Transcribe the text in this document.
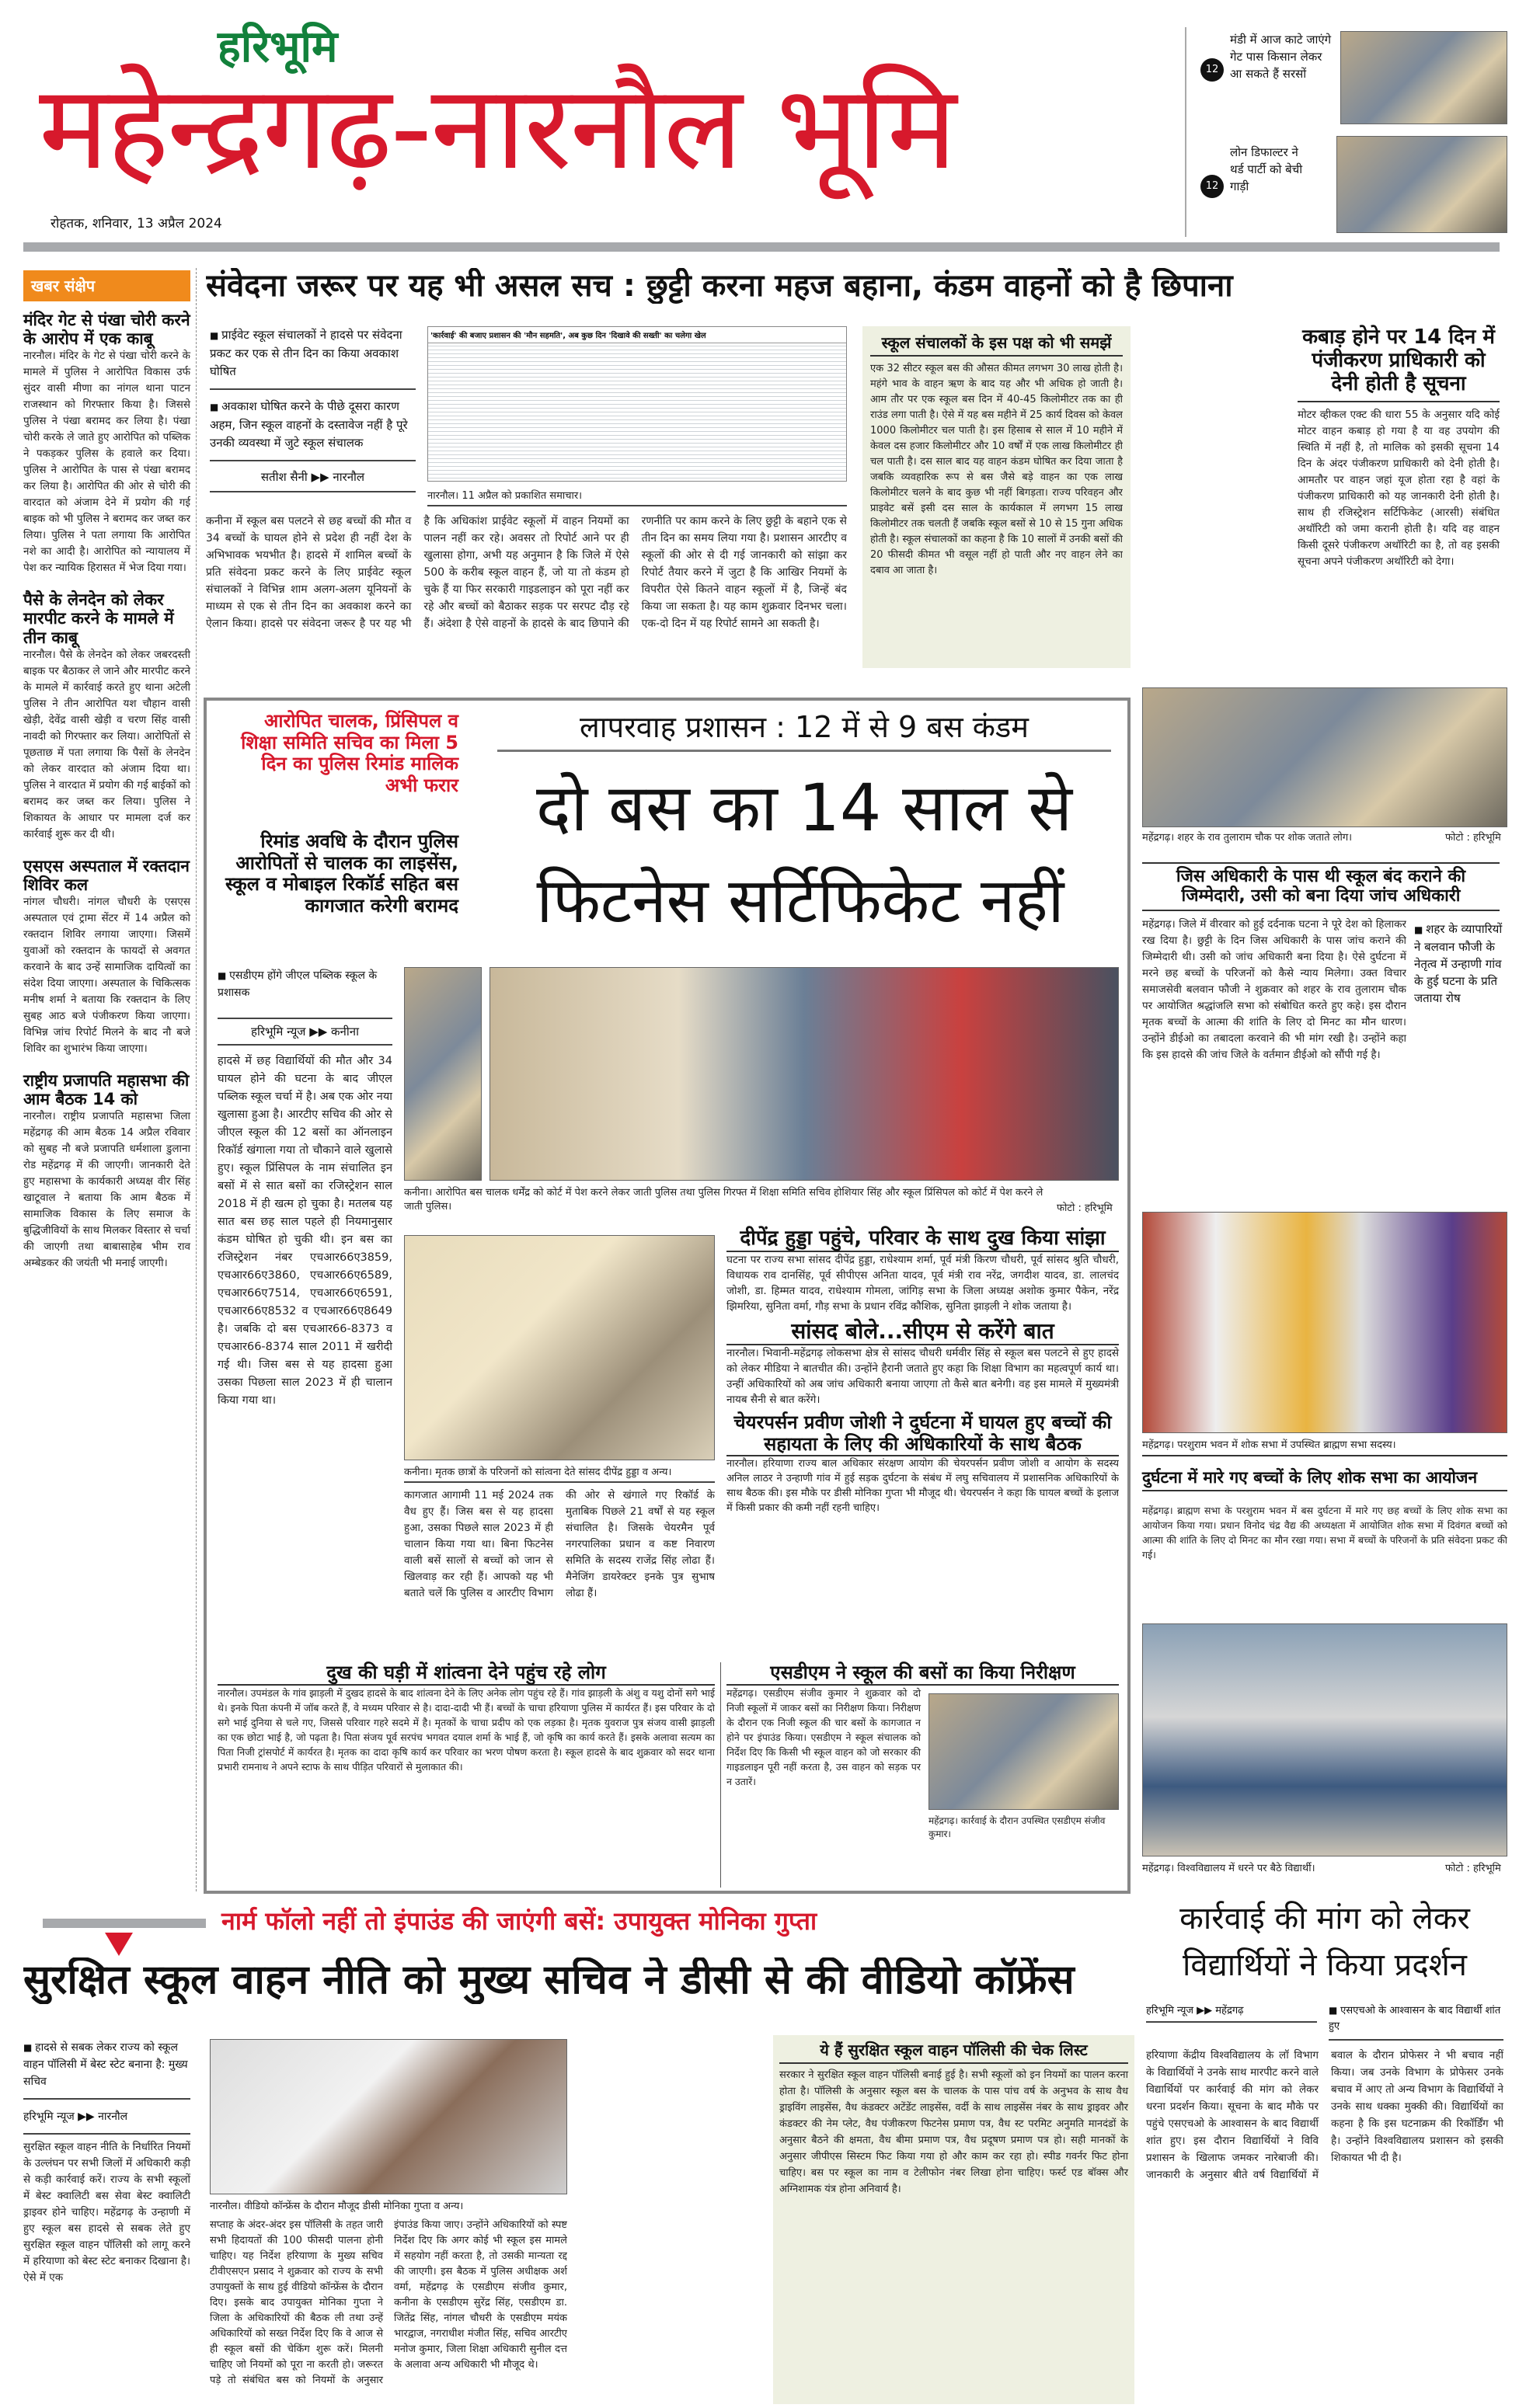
हरिभूमि
महेन्द्रगढ़-नारनौल भूमि
रोहतक, शनिवार, 13 अप्रैल 2024
12
मंडी में आज काटे जाएंगे गेट पास किसान लेकर आ सकते हैं सरसों
12
लोन डिफाल्टर ने थर्ड पार्टी को बेची गाड़ी
खबर संक्षेप
मंदिर गेट से पंखा चोरी करने के आरोप में एक काबू
नारनौल। मंदिर के गेट से पंखा चोरी करने के मामले में पुलिस ने आरोपित विकास उर्फ सुंदर वासी मीणा का नांगल थाना पाटन राजस्थान को गिरफ्तार किया है। जिससे पुलिस ने पंखा बरामद कर लिया है। पंखा चोरी करके ले जाते हुए आरोपित को पब्लिक ने पकड़कर पुलिस के हवाले कर दिया। पुलिस ने आरोपित के पास से पंखा बरामद कर लिया है। आरोपित की ओर से चोरी की वारदात को अंजाम देने में प्रयोग की गई बाइक को भी पुलिस ने बरामद कर जब्त कर लिया। पुलिस ने पता लगाया कि आरोपित नशे का आदी है। आरोपित को न्यायालय में पेश कर न्यायिक हिरासत में भेज दिया गया।
पैसे के लेनदेन को लेकर मारपीट करने के मामले में तीन काबू
नारनौल। पैसे के लेनदेन को लेकर जबरदस्ती बाइक पर बैठाकर ले जाने और मारपीट करने के मामले में कार्रवाई करते हुए थाना अटेली पुलिस ने तीन आरोपित यश चौहान वासी खेड़ी, देवेंद्र वासी खेड़ी व चरण सिंह वासी नावदी को गिरफ्तार कर लिया। आरोपितों से पूछताछ में पता लगाया कि पैसों के लेनदेन को लेकर वारदात को अंजाम दिया था। पुलिस ने वारदात में प्रयोग की गई बाईकों को बरामद कर जब्त कर लिया। पुलिस ने शिकायत के आधार पर मामला दर्ज कर कार्रवाई शुरू कर दी थी।
एसएस अस्पताल में रक्तदान शिविर कल
नांगल चौधरी। नांगल चौधरी के एसएस अस्पताल एवं ट्रामा सेंटर में 14 अप्रैल को रक्तदान शिविर लगाया जाएगा। जिसमें युवाओं को रक्तदान के फायदों से अवगत करवाने के बाद उन्हें सामाजिक दायित्वों का संदेश दिया जाएगा। अस्पताल के चिकित्सक मनीष शर्मा ने बताया कि रक्तदान के लिए सुबह आठ बजे पंजीकरण किया जाएगा। विभिन्न जांच रिपोर्ट मिलने के बाद नौ बजे शिविर का शुभारंभ किया जाएगा।
राष्ट्रीय प्रजापति महासभा की आम बैठक 14 को
नारनौल। राष्ट्रीय प्रजापति महासभा जिला महेंद्रगढ़ की आम बैठक 14 अप्रैल रविवार को सुबह नौ बजे प्रजापति धर्मशाला डुलाना रोड महेंद्रगढ़ में की जाएगी। जानकारी देते हुए महासभा के कार्यकारी अध्यक्ष वीर सिंह खाटूवाल ने बताया कि आम बैठक में सामाजिक विकास के लिए समाज के बुद्धिजीवियों के साथ मिलकर विस्तार से चर्चा की जाएगी तथा बाबासाहेब भीम राव अम्बेडकर की जयंती भी मनाई जाएगी।
संवेदना जरूर पर यह भी असल सच : छुट्टी करना महज बहाना, कंडम वाहनों को है छिपाना
■ प्राईवेट स्कूल संचालकों ने हादसे पर संवेदना प्रकट कर एक से तीन दिन का किया अवकाश घोषित
■ अवकाश घोषित करने के पीछे दूसरा कारण अहम, जिन स्कूल वाहनों के दस्तावेज नहीं है पूरे उनकी व्यवस्था में जुटे स्कूल संचालक
सतीश सैनी ▶▶ नारनौल
'कार्रवाई' की बजाए प्रशासन की 'मौन सहमति', अब कुछ दिन 'दिखावे की सख्ती' का चलेगा खेल
नारनौल। 11 अप्रैल को प्रकाशित समाचार।
कनीना में स्कूल बस पलटने से छह बच्चों की मौत व 34 बच्चों के घायल होने से प्रदेश ही नहीं देश के अभिभावक भयभीत है। हादसे में शामिल बच्चों के प्रति संवेदना प्रकट करने के लिए प्राईवेट स्कूल संचालकों ने विभिन्न शाम अलग-अलग यूनियनों के माध्यम से एक से तीन दिन का अवकाश करने का ऐलान किया। हादसे पर संवेदना जरूर है पर यह भी है कि अधिकांश प्राईवेट स्कूलों में वाहन नियमों का पालन नहीं कर रहे। अवसर तो रिपोर्ट आने पर ही खुलासा होगा, अभी यह अनुमान है कि जिले में ऐसे 500 के करीब स्कूल वाहन हैं, जो या तो कंडम हो चुके हैं या फिर सरकारी गाइडलाइन को पूरा नहीं कर रहे और बच्चों को बैठाकर सड़क पर सरपट दौड़ रहे हैं। अंदेशा है ऐसे वाहनों के हादसे के बाद छिपाने की रणनीति पर काम करने के लिए छुट्टी के बहाने एक से तीन दिन का समय लिया गया है। प्रशासन आरटीए व स्कूलों की ओर से दी गई जानकारी को सांझा कर रिपोर्ट तैयार करने में जुटा है कि आखिर नियमों के विपरीत ऐसे कितने वाहन स्कूलों में है, जिन्हें बंद किया जा सकता है। यह काम शुक्रवार दिनभर चला। एक-दो दिन में यह रिपोर्ट सामने आ सकती है।
स्कूल संचालकों के इस पक्ष को भी समझें
एक 32 सीटर स्कूल बस की औसत कीमत लगभग 30 लाख होती है। महंगे भाव के वाहन ऋण के बाद यह और भी अधिक हो जाती है। आम तौर पर एक स्कूल बस दिन में 40-45 किलोमीटर तक का ही राउंड लगा पाती है। ऐसे में यह बस महीने में 25 कार्य दिवस को केवल 1000 किलोमीटर चल पाती है। इस हिसाब से साल में 10 महीने में केवल दस हजार किलोमीटर और 10 वर्षों में एक लाख किलोमीटर ही चल पाती है। दस साल बाद यह वाहन कंडम घोषित कर दिया जाता है जबकि व्यवहारिक रूप से बस जैसे बड़े वाहन का एक लाख किलोमीटर चलने के बाद कुछ भी नहीं बिगड़ता। राज्य परिवहन और प्राइवेट बसें इसी दस साल के कार्यकाल में लगभग 15 लाख किलोमीटर तक चलती हैं जबकि स्कूल बसों से 10 से 15 गुना अधिक होती है। स्कूल संचालकों का कहना है कि 10 सालों में उनकी बसों की 20 फीसदी कीमत भी वसूल नहीं हो पाती और नए वाहन लेने का दबाव आ जाता है।
कबाड़ होने पर 14 दिन में पंजीकरण प्राधिकारी को देनी होती है सूचना
मोटर व्हीकल एक्ट की धारा 55 के अनुसार यदि कोई मोटर वाहन कबाड़ हो गया है या वह उपयोग की स्थिति में नहीं है, तो मालिक को इसकी सूचना 14 दिन के अंदर पंजीकरण प्राधिकारी को देनी होती है। आमतौर पर वाहन जहां यूज होता रहा है वहां के पंजीकरण प्राधिकारी को यह जानकारी देनी होती है। साथ ही रजिस्ट्रेशन सर्टिफिकेट (आरसी) संबंधित अथॉरिटी को जमा करानी होती है। यदि वह वाहन किसी दूसरे पंजीकरण अथॉरिटी का है, तो वह इसकी सूचना अपने पंजीकरण अथॉरिटी को देगा।
आरोपित चालक, प्रिंसिपल व शिक्षा समिति सचिव का मिला 5 दिन का पुलिस रिमांड मालिक अभी फरार
रिमांड अवधि के दौरान पुलिस आरोपितों से चालक का लाइसेंस, स्कूल व मोबाइल रिकॉर्ड सहित बस कागजात करेगी बरामद
लापरवाह प्रशासन : 12 में से 9 बस कंडम
दो बस का 14 साल से
फिटनेस सर्टिफिकेट नहीं
■ एसडीएम होंगे जीएल पब्लिक स्कूल के प्रशासक
हरिभूमि न्यूज ▶▶ कनीना
हादसे में छह विद्यार्थियों की मौत और 34 घायल होने की घटना के बाद जीएल पब्लिक स्कूल चर्चा में है। अब एक ओर नया खुलासा हुआ है। आरटीए सचिव की ओर से जीएल स्कूल की 12 बसों का ऑनलाइन रिकॉर्ड खंगाला गया तो चौकाने वाले खुलासे हुए। स्कूल प्रिंसिपल के नाम संचालित इन बसों में से सात बसों का रजिस्ट्रेशन साल 2018 में ही खत्म हो चुका है। मतलब यह सात बस छह साल पहले ही नियमानुसार कंडम घोषित हो चुकी थी। इन बस का रजिस्ट्रेशन नंबर एचआर66ए3859, एचआर66ए3860, एचआर66ए6589, एचआर66ए7514, एचआर66ए6591, एचआर66ए8532 व एचआर66ए8649 है। जबकि दो बस एचआर66-8373 व एचआर66-8374 साल 2011 में खरीदी गई थी। जिस बस से यह हादसा हुआ उसका पिछला साल 2023 में ही चालान किया गया था।
कनीना। आरोपित बस चालक धर्मेंद्र को कोर्ट में पेश करने लेकर जाती पुलिस तथा पुलिस गिरफ्त में शिक्षा समिति सचिव होशियार सिंह और स्कूल प्रिंसिपल को कोर्ट में पेश करने ले जाती पुलिस।	फोटो : हरिभूमि
कनीना। मृतक छात्रों के परिजनों को सांत्वना देते सांसद दीपेंद्र हुड्डा व अन्य।
कागजात आगामी 11 मई 2024 तक वैध हुए हैं। जिस बस से यह हादसा हुआ, उसका पिछले साल 2023 में ही चालान किया गया था। बिना फिटनेस वाली बसें सालों से बच्चों को जान से खिलवाड़ कर रही हैं। आपको यह भी बताते चलें कि पुलिस व आरटीए विभाग की ओर से खंगाले गए रिकॉर्ड के मुताबिक पिछले 21 वर्षों से यह स्कूल संचालित है। जिसके चेयरमैन पूर्व नगरपालिका प्रधान व कष्ट निवारण समिति के सदस्य राजेंद्र सिंह लोढा हैं। मैनेजिंग डायरेक्टर इनके पुत्र सुभाष लोढा हैं।
दीपेंद्र हुड्डा पहुंचे, परिवार के साथ दुख किया सांझा
घटना पर राज्य सभा सांसद दीपेंद्र हुड्डा, राधेश्याम शर्मा, पूर्व मंत्री किरण चौधरी, पूर्व सांसद श्रुति चौधरी, विधायक राव दानसिंह, पूर्व सीपीएस अनिता यादव, पूर्व मंत्री राव नरेंद्र, जगदीश यादव, डा. लालचंद जोशी, डा. हिम्मत यादव, राधेश्याम गोमला, जांगिड़ सभा के जिला अध्यक्ष अशोक कुमार पैकेन, नरेंद्र झिमरिया, सुनिता वर्मा, गौड़ सभा के प्रधान रविंद्र कौशिक, सुनिता झाड़ली ने शोक जताया है।
सांसद बोले...सीएम से करेंगे बात
नारनौल। भिवानी-महेंद्रगढ़ लोकसभा क्षेत्र से सांसद चौधरी धर्मवीर सिंह से स्कूल बस पलटने से हुए हादसे को लेकर मीडिया ने बातचीत की। उन्होंने हैरानी जताते हुए कहा कि शिक्षा विभाग का महत्वपूर्ण कार्य था। उन्हीं अधिकारियों को अब जांच अधिकारी बनाया जाएगा तो कैसे बात बनेगी। वह इस मामले में मुख्यमंत्री नायब सैनी से बात करेंगे।
चेयरपर्सन प्रवीण जोशी ने दुर्घटना में घायल हुए बच्चों की सहायता के लिए की अधिकारियों के साथ बैठक
नारनौल। हरियाणा राज्य बाल अधिकार संरक्षण आयोग की चेयरपर्सन प्रवीण जोशी व आयोग के सदस्य अनिल लाठर ने उन्हाणी गांव में हुई सड़क दुर्घटना के संबंध में लघु सचिवालय में प्रशासनिक अधिकारियों के साथ बैठक की। इस मौके पर डीसी मोनिका गुप्ता भी मौजूद थी। चेयरपर्सन ने कहा कि घायल बच्चों के इलाज में किसी प्रकार की कमी नहीं रहनी चाहिए।
दुख की घड़ी में शांत्वना देने पहुंच रहे लोग
नारनौल। उपमंडल के गांव झाड़ली में दुखद हादसे के बाद शांत्वना देने के लिए अनेक लोग पहुंच रहे हैं। गांव झाड़ली के अंशु व यशु दोनों सगे भाई थे। इनके पिता कंपनी में जॉब करते हैं, वे मध्यम परिवार से है। दादा-दादी भी हैं। बच्चों के चाचा हरियाणा पुलिस में कार्यरत हैं। इस परिवार के दो सगे भाई दुनिया से चले गए, जिससे परिवार गहरे सदमे में है। मृतकों के चाचा प्रदीप को एक लड़का है। मृतक युवराज पुत्र संजय वासी झाड़ली का एक छोटा भाई है, जो पढ़ता है। पिता संजय पूर्व सरपंच भगवत दयाल शर्मा के भाई हैं, जो कृषि का कार्य करते हैं। इसके अलावा सत्यम का पिता निजी ट्रांसपोर्ट में कार्यरत है। मृतक का दादा कृषि कार्य कर परिवार का भरण पोषण करता है। स्कूल हादसे के बाद शुक्रवार को सदर थाना प्रभारी रामनाथ ने अपने स्टाफ के साथ पीड़ित परिवारों से मुलाकात की।
एसडीएम ने स्कूल की बसों का किया निरीक्षण
महेंद्रगढ़। एसडीएम संजीव कुमार ने शुक्रवार को दो निजी स्कूलों में जाकर बसों का निरीक्षण किया। निरीक्षण के दौरान एक निजी स्कूल की चार बसों के कागजात न होने पर इंपाउंड किया। एसडीएम ने स्कूल संचालक को निर्देश दिए कि किसी भी स्कूल वाहन को जो सरकार की गाइडलाइन पूरी नहीं करता है, उस वाहन को सड़क पर न उतारें।
महेंद्रगढ़। कार्रवाई के दौरान उपस्थित एसडीएम संजीव कुमार।
महेंद्रगढ़। शहर के राव तुलाराम चौक पर शोक जताते लोग।	फोटो : हरिभूमि
जिस अधिकारी के पास थी स्कूल बंद कराने की जिम्मेदारी, उसी को बना दिया जांच अधिकारी
महेंद्रगढ़। जिले में वीरवार को हुई दर्दनाक घटना ने पूरे देश को हिलाकर रख दिया है। छुट्टी के दिन जिस अधिकारी के पास जांच कराने की जिम्मेदारी थी। उसी को जांच अधिकारी बना दिया है। ऐसे दुर्घटना में मरने छह बच्चों के परिजनों को कैसे न्याय मिलेगा। उक्त विचार समाजसेवी बलवान फौजी ने शुक्रवार को शहर के राव तुलाराम चौक पर आयोजित श्रद्धांजलि सभा को संबोधित करते हुए कहे। इस दौरान मृतक बच्चों के आत्मा की शांति के लिए दो मिनट का मौन धारण। उन्होंने डीईओ का तबादला करवाने की भी मांग रखी है। उन्होंने कहा कि इस हादसे की जांच जिले के वर्तमान डीईओ को सौंपी गई है।
■ शहर के व्यापारियों ने बलवान फौजी के नेतृत्व में उन्हाणी गांव के हुई घटना के प्रति जताया रोष
महेंद्रगढ़। परशुराम भवन में शोक सभा में उपस्थित ब्राह्मण सभा सदस्य।
दुर्घटना में मारे गए बच्चों के लिए शोक सभा का आयोजन
महेंद्रगढ़। ब्राह्मण सभा के परशुराम भवन में बस दुर्घटना में मारे गए छह बच्चों के लिए शोक सभा का आयोजन किया गया। प्रधान विनोद चंद्र वैद्य की अध्यक्षता में आयोजित शोक सभा में दिवंगत बच्चों को आत्मा की शांति के लिए दो मिनट का मौन रखा गया। सभा में बच्चों के परिजनों के प्रति संवेदना प्रकट की गई।
महेंद्रगढ़। विश्वविद्यालय में धरने पर बैठे विद्यार्थी।	फोटो : हरिभूमि
नार्म फॉलो नहीं तो इंपाउंड की जाएंगी बसें: उपायुक्त मोनिका गुप्ता
सुरक्षित स्कूल वाहन नीति को मुख्य सचिव ने डीसी से की वीडियो कॉफ्रेंस
■ हादसे से सबक लेकर राज्य को स्कूल वाहन पॉलिसी में बेस्ट स्टेट बनाना है: मुख्य सचिव
हरिभूमि न्यूज ▶▶ नारनौल
सुरक्षित स्कूल वाहन नीति के निर्धारित नियमों के उल्लंघन पर सभी जिलों में अधिकारी कड़ी से कड़ी कार्रवाई करें। राज्य के सभी स्कूलों में बेस्ट क्वालिटी बस सेवा बेस्ट क्वालिटी ड्राइवर होने चाहिए। महेंद्रगढ़ के उन्हाणी में हुए स्कूल बस हादसे से सबक लेते हुए सुरक्षित स्कूल वाहन पॉलिसी को लागू करने में हरियाणा को बेस्ट स्टेट बनाकर दिखाना है। ऐसे में एक
नारनौल। वीडियो कॉन्फ्रेंस के दौरान मौजूद डीसी मोनिका गुप्ता व अन्य।
सप्ताह के अंदर-अंदर इस पॉलिसी के तहत जारी सभी हिदायतों की 100 फीसदी पालना होनी चाहिए। यह निर्देश हरियाणा के मुख्य सचिव टीवीएसएन प्रसाद ने शुक्रवार को राज्य के सभी उपायुक्तों के साथ हुई वीडियो कॉन्फ्रेंस के दौरान दिए। इसके बाद उपायुक्त मोनिका गुप्ता ने जिला के अधिकारियों की बैठक ली तथा उन्हें अधिकारियों को सख्त निर्देश दिए कि वे आज से ही स्कूल बसों की चेकिंग शुरू करें। मिलनी चाहिए जो नियमों को पूरा ना करती हो। जरूरत पड़े तो संबंधित बस को नियमों के अनुसार इंपाउंड किया जाए। उन्होंने अधिकारियों को स्पष्ट निर्देश दिए कि अगर कोई भी स्कूल इस मामले में सहयोग नहीं करता है, तो उसकी मान्यता रद्द की जाएगी। इस बैठक में पुलिस अधीक्षक अर्श वर्मा, महेंद्रगढ़ के एसडीएम संजीव कुमार, कनीना के एसडीएम सुरेंद्र सिंह, एसडीएम डा. जितेंद्र सिंह, नांगल चौधरी के एसडीएम मयंक भारद्वाज, नगराधीश मंजीत सिंह, सचिव आरटीए मनोज कुमार, जिला शिक्षा अधिकारी सुनील दत्त के अलावा अन्य अधिकारी भी मौजूद थे।
ये हैं सुरक्षित स्कूल वाहन पॉलिसी की चेक लिस्ट
सरकार ने सुरक्षित स्कूल वाहन पॉलिसी बनाई हुई है। सभी स्कूलों को इन नियमों का पालन करना होता है। पॉलिसी के अनुसार स्कूल बस के चालक के पास पांच वर्ष के अनुभव के साथ वैध ड्राइविंग लाइसेंस, वैध कंडक्टर अटेंडेंट लाइसेंस, वर्दी के साथ लाइसेंस नंबर के साथ ड्राइवर और कंडक्टर की नेम प्लेट, वैध पंजीकरण फिटनेस प्रमाण पत्र, वैध स्ट परमिट अनुमति मानदंडों के अनुसार बैठने की क्षमता, वैध बीमा प्रमाण पत्र, वैध प्रदूषण प्रमाण पत्र हो। सही मानकों के अनुसार जीपीएस सिस्टम फिट किया गया हो और काम कर रहा हो। स्पीड गवर्नर फिट होना चाहिए। बस पर स्कूल का नाम व टेलीफोन नंबर लिखा होना चाहिए। फर्स्ट एड बॉक्स और अग्निशामक यंत्र होना अनिवार्य है।
कार्रवाई की मांग को लेकर विद्यार्थियों ने किया प्रदर्शन
हरिभूमि न्यूज ▶▶ महेंद्रगढ़	■ एसएचओ के आश्वासन के बाद विद्यार्थी शांत हुए
हरियाणा केंद्रीय विश्वविद्यालय के लॉ विभाग के विद्यार्थियों ने उनके साथ मारपीट करने वाले विद्यार्थियों पर कार्रवाई की मांग को लेकर धरना प्रदर्शन किया। सूचना के बाद मौके पर पहुंचे एसएचओ के आश्वासन के बाद विद्यार्थी शांत हुए। इस दौरान विद्यार्थियों ने विवि प्रशासन के खिलाफ जमकर नारेबाजी की। जानकारी के अनुसार बीते वर्ष विद्यार्थियों में बवाल के दौरान प्रोफेसर ने भी बचाव नहीं किया। जब उनके विभाग के प्रोफेसर उनके बचाव में आए तो अन्य विभाग के विद्यार्थियों ने उनके साथ धक्का मुक्की की। विद्यार्थियों का कहना है कि इस घटनाक्रम की रिकॉर्डिंग भी है। उन्होंने विश्वविद्यालय प्रशासन को इसकी शिकायत भी दी है।
